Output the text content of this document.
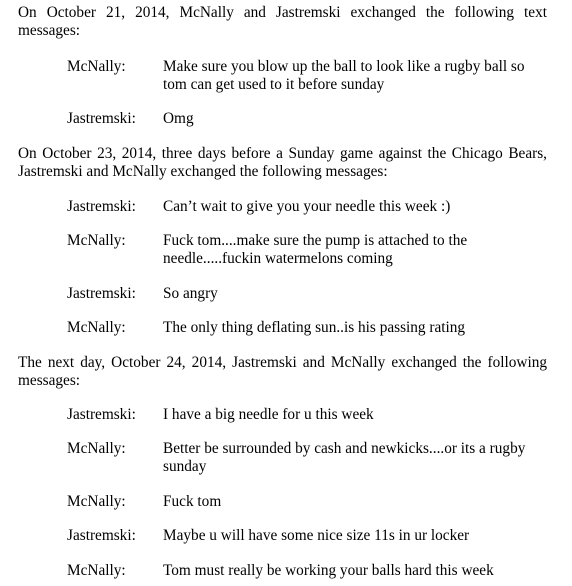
On October 21, 2014, McNally and Jastremski exchanged the following text messages:

McNally: Make sure you blow up the ball to look like a rugby ball so tom can get used to it before sunday
Jastremski: Omg

On October 23, 2014, three days before a Sunday game against the Chicago Bears, Jastremski and McNally exchanged the following messages:

Jastremski: Can’t wait to give you your needle this week :)
McNally: Fuck tom....make sure the pump is attached to the needle.....fuckin watermelons coming
Jastremski: So angry
McNally: The only thing deflating sun..is his passing rating

The next day, October 24, 2014, Jastremski and McNally exchanged the following messages:

Jastremski: I have a big needle for u this week
McNally: Better be surrounded by cash and newkicks....or its a rugby sunday
McNally: Fuck tom
Jastremski: Maybe u will have some nice size 11s in ur locker
McNally: Tom must really be working your balls hard this week
